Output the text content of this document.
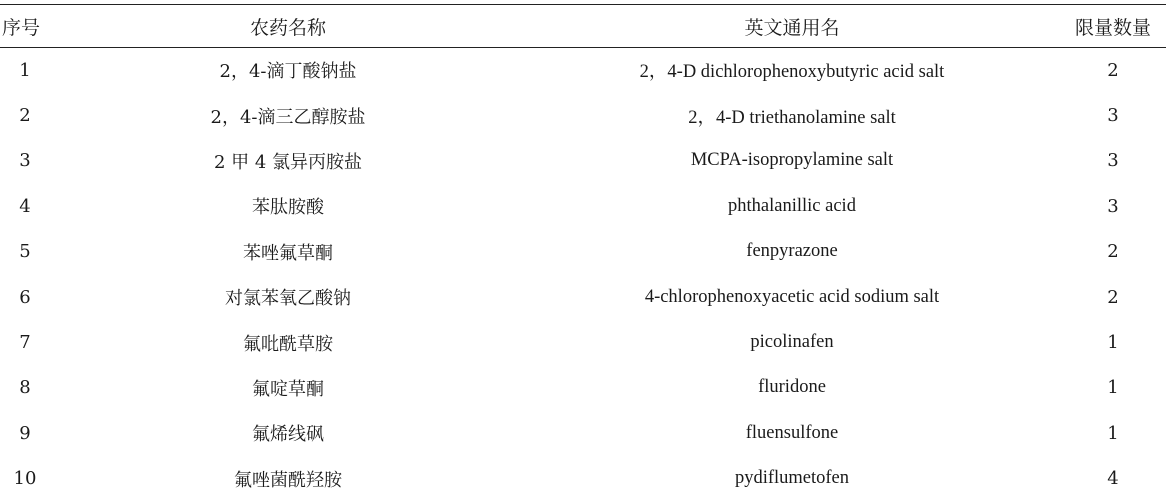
序号	农药名称	英文通用名	限量数量
1	2，4-滴丁酸钠盐	2，4-D dichlorophenoxybutyric acid salt	2
2	2，4-滴三乙醇胺盐	2，4-D triethanolamine salt	3
3	2 甲 4 氯异丙胺盐	MCPA-isopropylamine salt	3
4	苯肽胺酸	phthalanillic acid	3
5	苯唑氟草酮	fenpyrazone	2
6	对氯苯氧乙酸钠	4-chlorophenoxyacetic acid sodium salt	2
7	氟吡酰草胺	picolinafen	1
8	氟啶草酮	fluridone	1
9	氟烯线砜	fluensulfone	1
10	氟唑菌酰羟胺	pydiflumetofen	4
